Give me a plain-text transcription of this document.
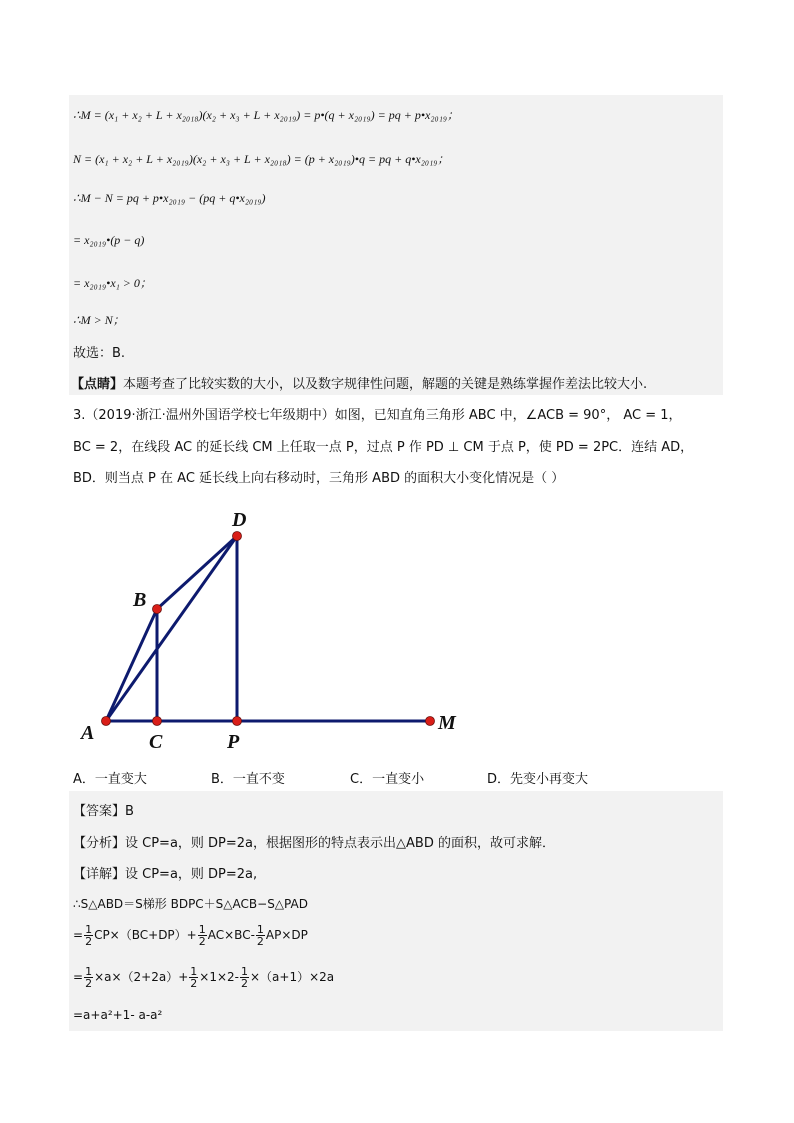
∴M = (x₁ + x₂ + L + x₂₀₁₈)(x₂ + x₃ + L + x₂₀₁₉) = p•(q + x₂₀₁₉) = pq + p•x₂₀₁₉；
N = (x₁ + x₂ + L + x₂₀₁₉)(x₂ + x₃ + L + x₂₀₁₈) = (p + x₂₀₁₉)•q = pq + q•x₂₀₁₉；
∴M − N = pq + p•x₂₀₁₉ − (pq + q•x₂₀₁₉)
= x₂₀₁₉•(p − q)
= x₂₀₁₉•x₁ > 0；
∴M > N；
故选：B.
【点睛】本题考查了比较实数的大小，以及数字规律性问题，解题的关键是熟练掌握作差法比较大小.
3.（2019·浙江·温州外国语学校七年级期中）如图，已知直角三角形 ABC 中，∠ACB = 90°， AC = 1，
BC = 2，在线段 AC 的延长线 CM 上任取一点 P，过点 P 作 PD ⊥ CM 于点 P，使 PD = 2PC．连结 AD，
BD．则当点 P 在 AC 延长线上向右移动时，三角形 ABD 的面积大小变化情况是（ ）
A
B
C
D
P
M
A．一直变大	B．一直不变	C．一直变小	D．先变小再变大
【答案】B
【分析】设 CP=a，则 DP=2a，根据图形的特点表示出△ABD 的面积，故可求解．
【详解】设 CP=a，则 DP=2a,
∴S△ABD＝S梯形 BDPC＋S△ACB−S△PAD
= $\frac{1}{2} CP\times(BC+DP)+ \frac{1}{2} AC\times BC- \frac{1}{2} AP\times DP$
= $\frac{1}{2} \times a\times(2+2a)+ \frac{1}{2} \times 1\times 2- \frac{1}{2} \times(a+1)\times 2a$
=a+a²+1- a-a²
